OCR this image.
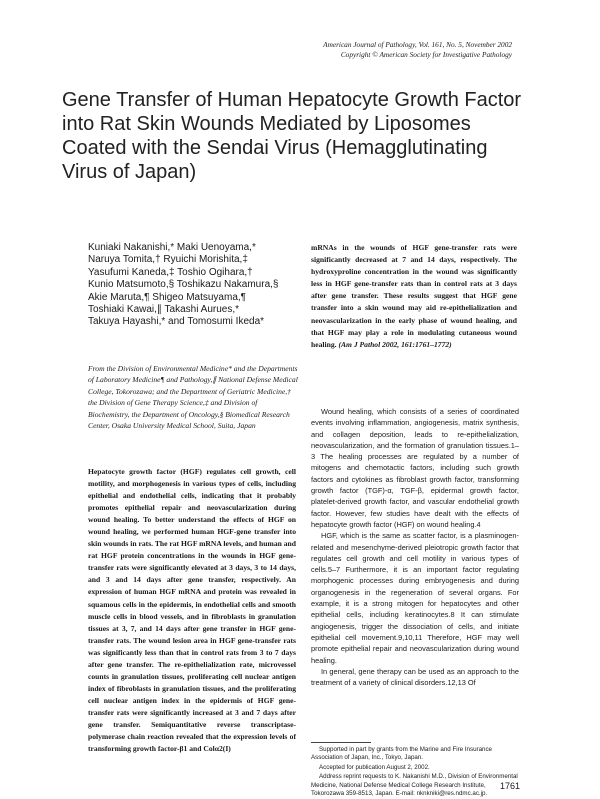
American Journal of Pathology, Vol. 161, No. 5, November 2002
Copyright © American Society for Investigative Pathology
Gene Transfer of Human Hepatocyte Growth Factor into Rat Skin Wounds Mediated by Liposomes Coated with the Sendai Virus (Hemagglutinating Virus of Japan)
Kuniaki Nakanishi,* Maki Uenoyama,*
Naruya Tomita,† Ryuichi Morishita,‡
Yasufumi Kaneda,‡ Toshio Ogihara,†
Kunio Matsumoto,§ Toshikazu Nakamura,§
Akie Maruta,¶ Shigeo Matsuyama,¶
Toshiaki Kawai,∥ Takashi Aurues,*
Takuya Hayashi,* and Tomosumi Ikeda*
From the Division of Environmental Medicine* and the Departments of Laboratory Medicine¶ and Pathology,∥ National Defense Medical College, Tokorozawa; and the Department of Geriatric Medicine,† the Division of Gene Therapy Science,‡ and Division of Biochemistry, the Department of Oncology,§ Biomedical Research Center, Osaka University Medical School, Suita, Japan
Hepatocyte growth factor (HGF) regulates cell growth, cell motility, and morphogenesis in various types of cells, including epithelial and endothelial cells, indicating that it probably promotes epithelial repair and neovascularization during wound healing. To better understand the effects of HGF on wound healing, we performed human HGF-gene transfer into skin wounds in rats. The rat HGF mRNA levels, and human and rat HGF protein concentrations in the wounds in HGF gene-transfer rats were significantly elevated at 3 days, 3 to 14 days, and 3 and 14 days after gene transfer, respectively. An expression of human HGF mRNA and protein was revealed in squamous cells in the epidermis, in endothelial cells and smooth muscle cells in blood vessels, and in fibroblasts in granulation tissues at 3, 7, and 14 days after gene transfer in HGF gene-transfer rats. The wound lesion area in HGF gene-transfer rats was significantly less than that in control rats from 3 to 7 days after gene transfer. The re-epithelialization rate, microvessel counts in granulation tissues, proliferating cell nuclear antigen index of fibroblasts in granulation tissues, and the proliferating cell nuclear antigen index in the epidermis of HGF gene-transfer rats were significantly increased at 3 and 7 days after gene transfer. Semiquantitative reverse transcriptase-polymerase chain reaction revealed that the expression levels of transforming growth factor-β1 and Colα2(I)
mRNAs in the wounds of HGF gene-transfer rats were significantly decreased at 7 and 14 days, respectively. The hydroxyproline concentration in the wound was significantly less in HGF gene-transfer rats than in control rats at 3 days after gene transfer. These results suggest that HGF gene transfer into a skin wound may aid re-epithelialization and neovascularization in the early phase of wound healing, and that HGF may play a role in modulating cutaneous wound healing. (Am J Pathol 2002, 161:1761–1772)

Wound healing, which consists of a series of coordinated events involving inflammation, angiogenesis, matrix synthesis, and collagen deposition, leads to re-epithelialization, neovascularization, and the formation of granulation tissues.1–3 The healing processes are regulated by a number of mitogens and chemotactic factors, including such growth factors and cytokines as fibroblast growth factor, transforming growth factor (TGF)-α, TGF-β, epidermal growth factor, platelet-derived growth factor, and vascular endothelial growth factor. However, few studies have dealt with the effects of hepatocyte growth factor (HGF) on wound healing.4

HGF, which is the same as scatter factor, is a plasminogen-related and mesenchyme-derived pleiotropic growth factor that regulates cell growth and cell motility in various types of cells.5–7 Furthermore, it is an important factor regulating morphogenic processes during embryogenesis and during organogenesis in the regeneration of several organs. For example, it is a strong mitogen for hepatocytes and other epithelial cells, including keratinocytes.8 It can stimulate angiogenesis, trigger the dissociation of cells, and initiate epithelial cell movement.9,10,11 Therefore, HGF may well promote epithelial repair and neovascularization during wound healing.

In general, gene therapy can be used as an approach to the treatment of a variety of clinical disorders.12,13 Of

Supported in part by grants from the Marine and Fire Insurance Association of Japan, Inc., Tokyo, Japan.

Accepted for publication August 2, 2002.

Address reprint requests to K. Nakanishi M.D., Division of Environmental Medicine, National Defense Medical College Research Institute, Tokorozawa 359-8513, Japan. E-mail: nknkniki@res.ndmc.ac.jp.

1761
